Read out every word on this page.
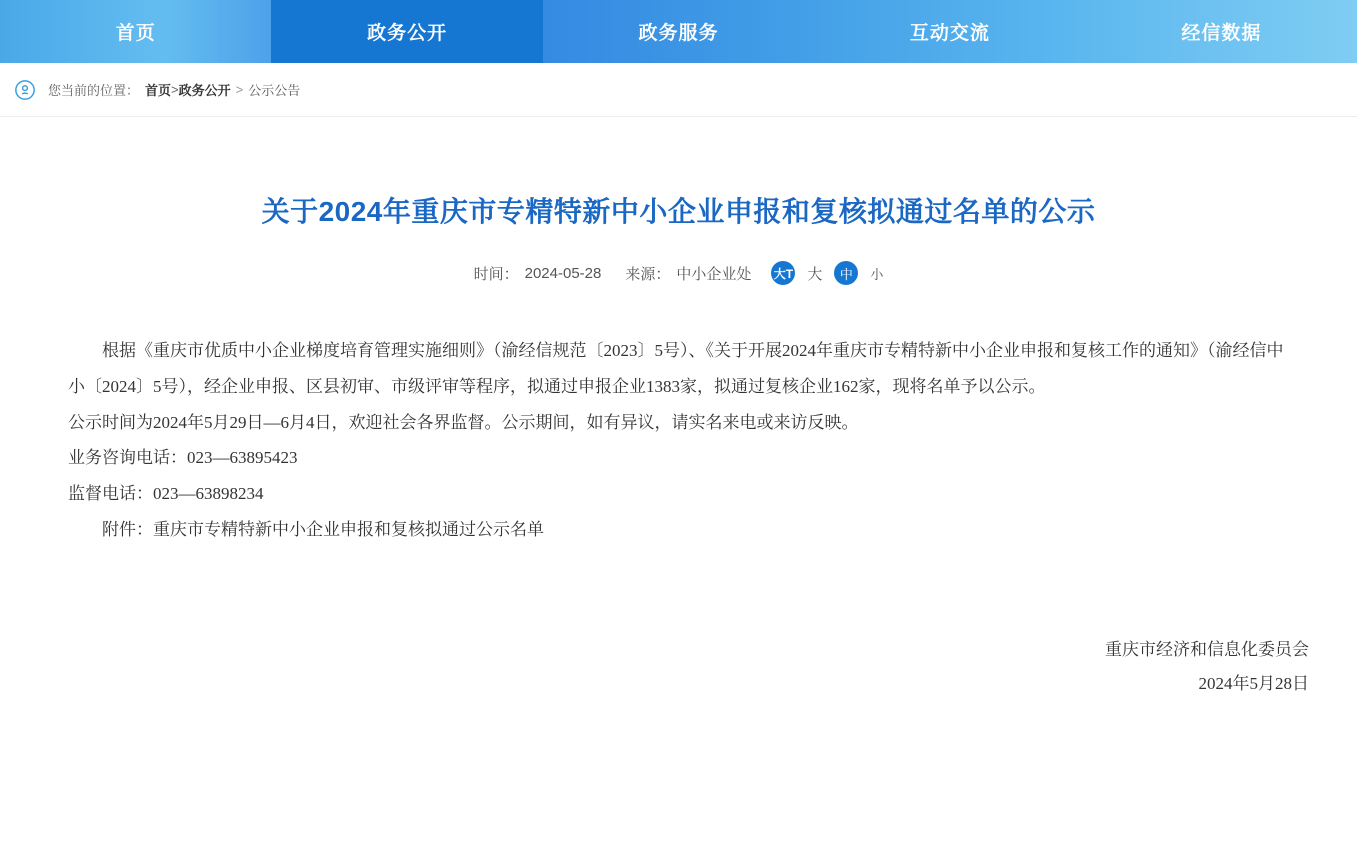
首页	政务公开	政务服务	互动交流	经信数据
您当前的位置： 首页 > 政务公开 > 公示公告
关于2024年重庆市专精特新中小企业申报和复核拟通过名单的公示
时间： 2024-05-28 来源： 中小企业处 大T 大	中	小

根据《重庆市优质中小企业梯度培育管理实施细则》（渝经信规范〔2023〕5号）、《关于开展2024年重庆市专精特新中小企业申报和复核工作的通知》（渝经信中小〔2024〕5号），经企业申报、区县初审、市级评审等程序，拟通过申报企业1383家，拟通过复核企业162家，现将名单予以公示。

公示时间为2024年5月29日—6月4日，欢迎社会各界监督。公示期间，如有异议，请实名来电或来访反映。

业务咨询电话：023—63895423

监督电话：023—63898234

附件：重庆市专精特新中小企业申报和复核拟通过公示名单

重庆市经济和信息化委员会
2024年5月28日
